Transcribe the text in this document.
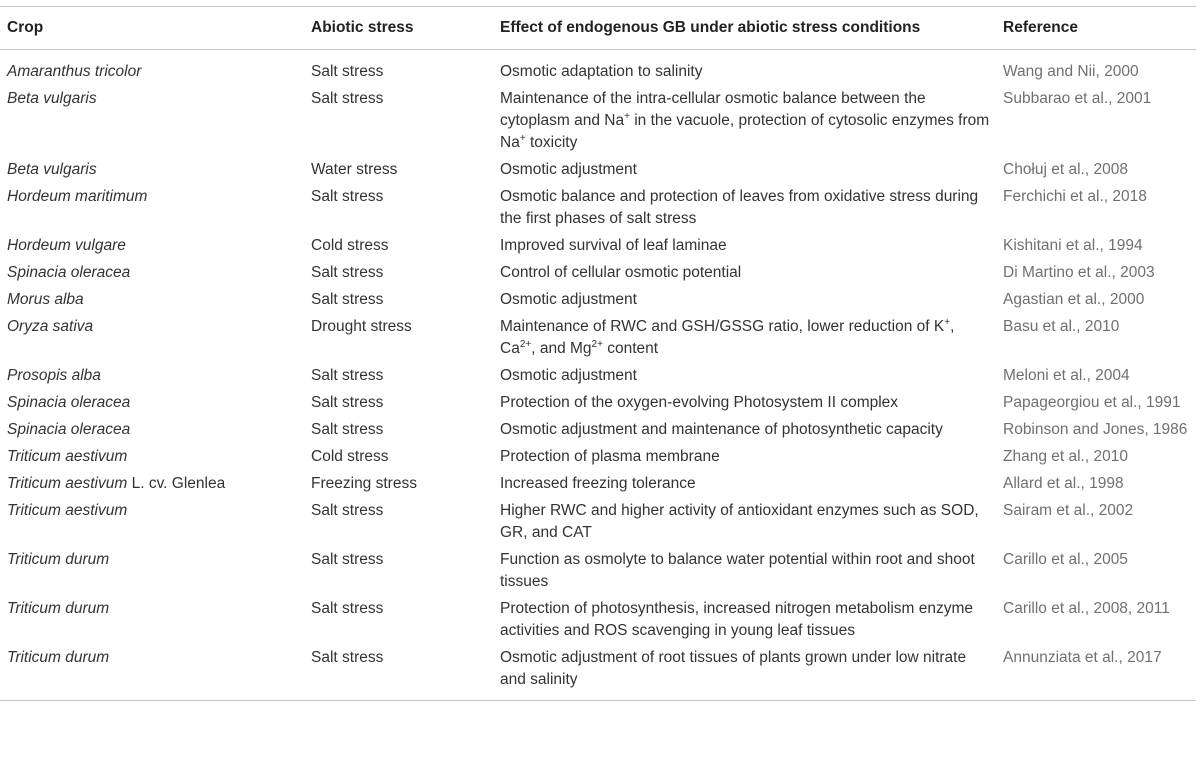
Crop	Abiotic stress	Effect of endogenous GB under abiotic stress conditions	Reference
Amaranthus tricolor	Salt stress	Osmotic adaptation to salinity	Wang and Nii, 2000
Beta vulgaris	Salt stress	Maintenance of the intra-cellular osmotic balance between the cytoplasm and Na+ in the vacuole, protection of cytosolic enzymes from Na+ toxicity	Subbarao et al., 2001
Beta vulgaris	Water stress	Osmotic adjustment	Chołuj et al., 2008
Hordeum maritimum	Salt stress	Osmotic balance and protection of leaves from oxidative stress during the first phases of salt stress	Ferchichi et al., 2018
Hordeum vulgare	Cold stress	Improved survival of leaf laminae	Kishitani et al., 1994
Spinacia oleracea	Salt stress	Control of cellular osmotic potential	Di Martino et al., 2003
Morus alba	Salt stress	Osmotic adjustment	Agastian et al., 2000
Oryza sativa	Drought stress	Maintenance of RWC and GSH/GSSG ratio, lower reduction of K+, $Ca^{2+}$, and $Mg^{2+}$ content	Basu et al., 2010
Prosopis alba	Salt stress	Osmotic adjustment	Meloni et al., 2004
Spinacia oleracea	Salt stress	Protection of the oxygen-evolving Photosystem II complex	Papageorgiou et al., 1991
Spinacia oleracea	Salt stress	Osmotic adjustment and maintenance of photosynthetic capacity	Robinson and Jones, 1986
Triticum aestivum	Cold stress	Protection of plasma membrane	Zhang et al., 2010
Triticum aestivum L. cv. Glenlea	Freezing stress	Increased freezing tolerance	Allard et al., 1998
Triticum aestivum	Salt stress	Higher RWC and higher activity of antioxidant enzymes such as SOD, GR, and CAT	Sairam et al., 2002
Triticum durum	Salt stress	Function as osmolyte to balance water potential within root and shoot tissues	Carillo et al., 2005
Triticum durum	Salt stress	Protection of photosynthesis, increased nitrogen metabolism enzyme activities and ROS scavenging in young leaf tissues	Carillo et al., 2008, 2011
Triticum durum	Salt stress	Osmotic adjustment of root tissues of plants grown under low nitrate and salinity	Annunziata et al., 2017
